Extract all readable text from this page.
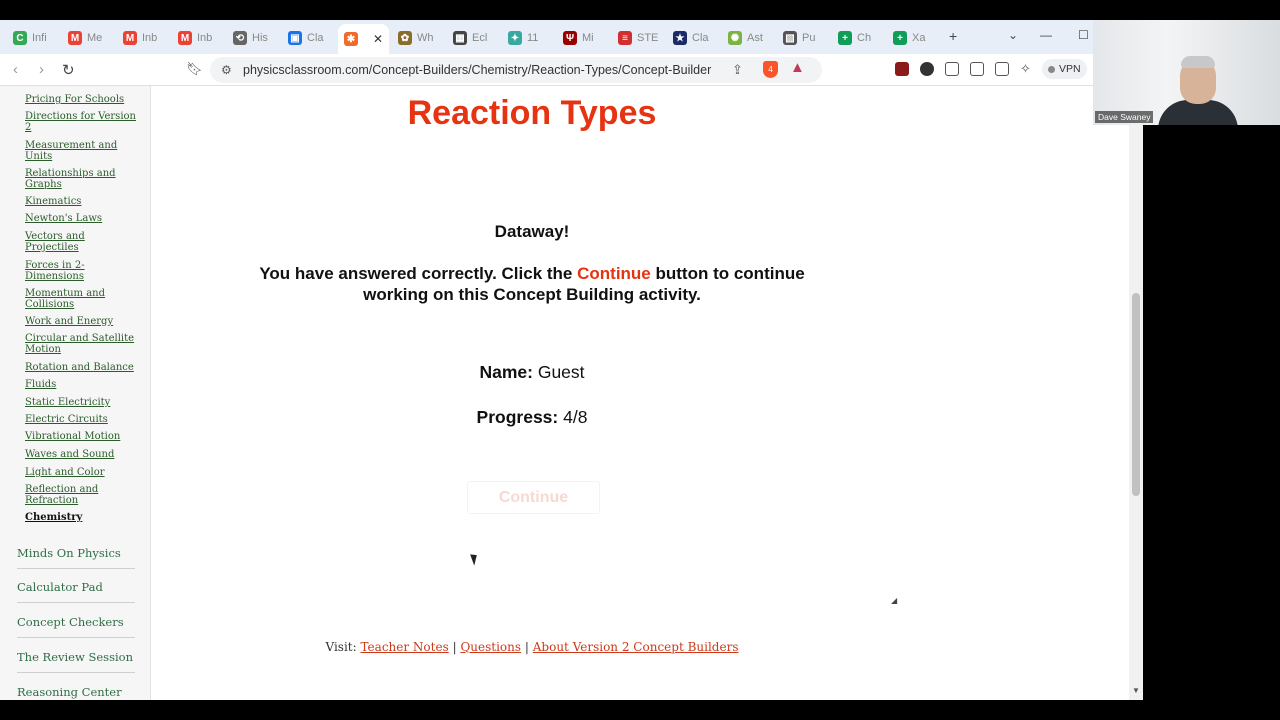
C Infi M Me M Inb M Inb ⟲ His ▣ Cla ✱ ✕ ✿ Wh ▦ Ecl ✦ 11	Ψ Mi	≡ STE ★ Cla ✺ Ast ▧ Pu	+ Ch	+ Xa +	⌄ — ☐
‹ › ↻	🔖︎ ⚙ physicsclassroom.com/Concept-Builders/Chemistry/Reaction-Types/Concept-Builder ⇪	4	▲	✧	VPN
Pricing For Schools
Directions for Version 2
Measurement and Units
Relationships and Graphs
Kinematics
Newton's Laws
Vectors and Projectiles
Forces in 2-Dimensions
Momentum and Collisions
Work and Energy
Circular and Satellite Motion
Rotation and Balance
Fluids
Static Electricity
Electric Circuits
Vibrational Motion
Waves and Sound
Light and Color
Reflection and Refraction
Chemistry
Minds On Physics
Calculator Pad
Concept Checkers
The Review Session
Reasoning Center
Reaction Types
Dataway!
You have answered correctly. Click the Continue button to continue working on this Concept Building activity.
Name: Guest
Progress: 4/8
Continue
◢
Visit: Teacher Notes | Questions | About Version 2 Concept Builders
▼
Dave Swaney
